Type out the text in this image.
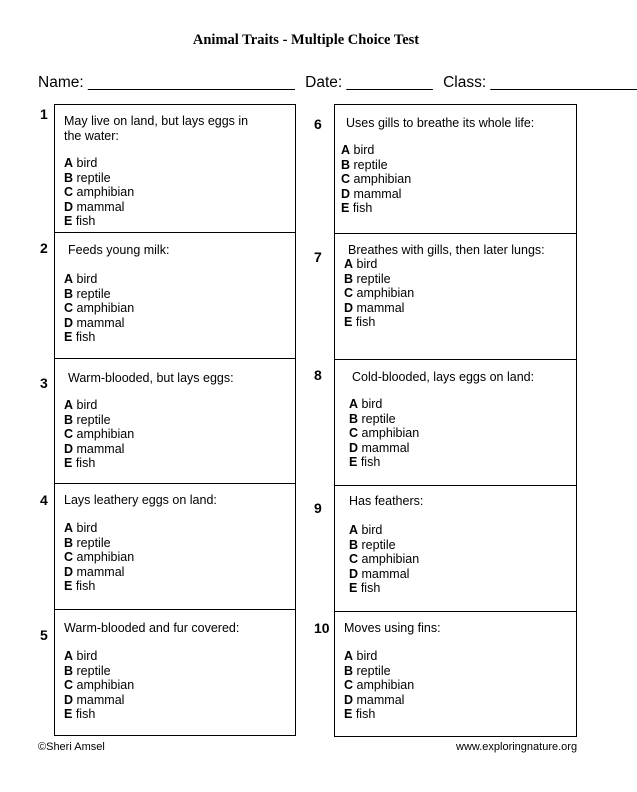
Animal Traits - Multiple Choice Test
Name: ________________________ Date: __________ Class: _________________
1 May live on land, but lays eggs in the water:
A bird
B reptile
C amphibian
D mammal
E fish
2 Feeds young milk:
A bird
B reptile
C amphibian
D mammal
E fish
3 Warm-blooded, but lays eggs:
A bird
B reptile
C amphibian
D mammal
E fish
4 Lays leathery eggs on land:
A bird
B reptile
C amphibian
D mammal
E fish
5 Warm-blooded and fur covered:
A bird
B reptile
C amphibian
D mammal
E fish
6 Uses gills to breathe its whole life:
A bird
B reptile
C amphibian
D mammal
E fish
7 Breathes with gills, then later lungs:
A bird
B reptile
C amphibian
D mammal
E fish
8 Cold-blooded, lays eggs on land:
A bird
B reptile
C amphibian
D mammal
E fish
9 Has feathers:
A bird
B reptile
C amphibian
D mammal
E fish
10 Moves using fins:
A bird
B reptile
C amphibian
D mammal
E fish
©Sheri Amsel	www.exploringnature.org
